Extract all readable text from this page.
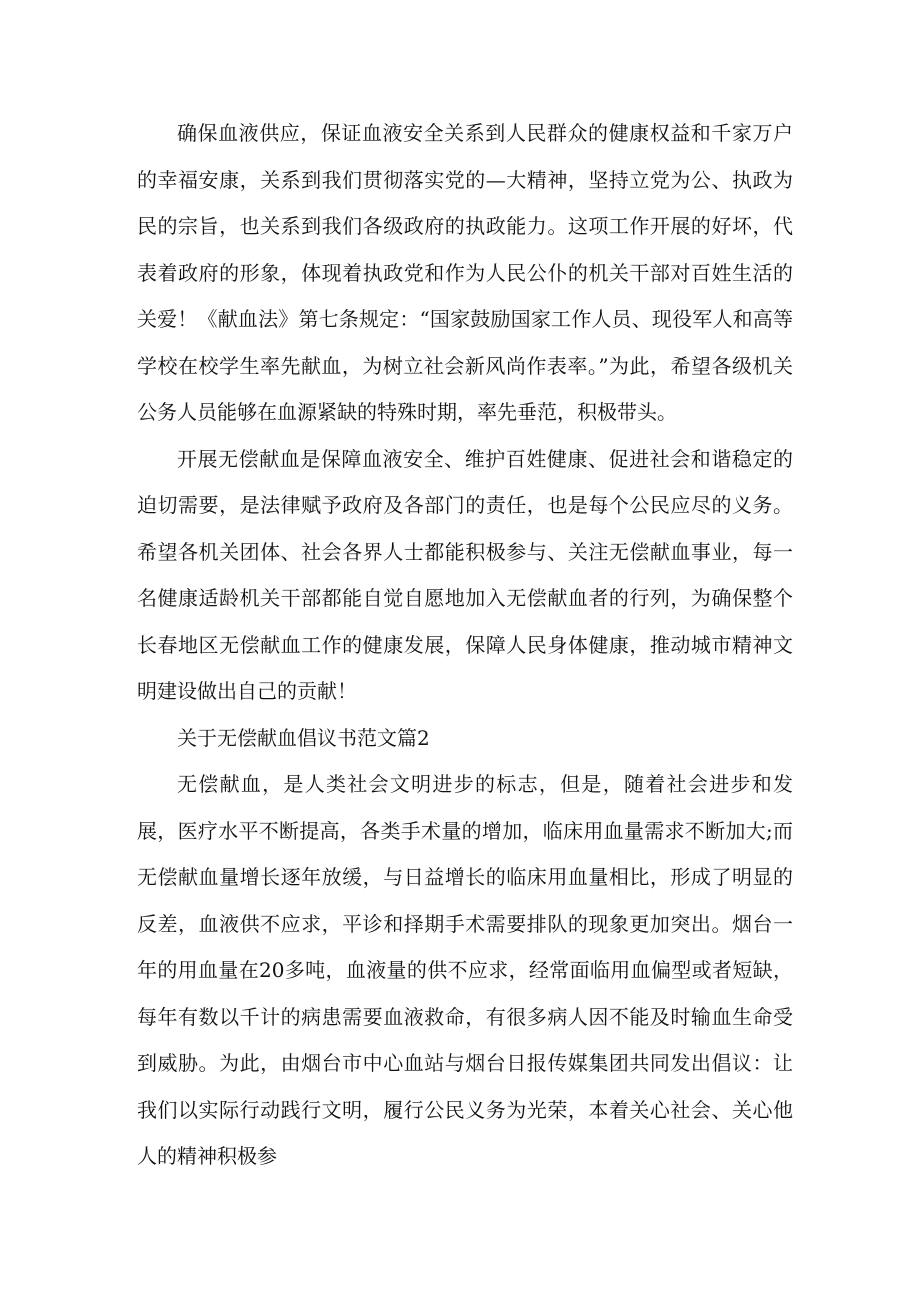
确保血液供应，保证血液安全关系到人民群众的健康权益和千家万户的幸福安康，关系到我们贯彻落实党的—大精神，坚持立党为公、执政为民的宗旨，也关系到我们各级政府的执政能力。这项工作开展的好坏，代表着政府的形象，体现着执政党和作为人民公仆的机关干部对百姓生活的关爱！《献血法》第七条规定：“国家鼓励国家工作人员、现役军人和高等学校在校学生率先献血，为树立社会新风尚作表率。”为此，希望各级机关公务人员能够在血源紧缺的特殊时期，率先垂范，积极带头。

开展无偿献血是保障血液安全、维护百姓健康、促进社会和谐稳定的迫切需要，是法律赋予政府及各部门的责任，也是每个公民应尽的义务。希望各机关团体、社会各界人士都能积极参与、关注无偿献血事业，每一名健康适龄机关干部都能自觉自愿地加入无偿献血者的行列，为确保整个长春地区无偿献血工作的健康发展，保障人民身体健康，推动城市精神文明建设做出自己的贡献！

关于无偿献血倡议书范文篇2

无偿献血，是人类社会文明进步的标志，但是，随着社会进步和发展，医疗水平不断提高，各类手术量的增加，临床用血量需求不断加大;而无偿献血量增长逐年放缓，与日益增长的临床用血量相比，形成了明显的反差，血液供不应求，平诊和择期手术需要排队的现象更加突出。烟台一年的用血量在20多吨，血液量的供不应求，经常面临用血偏型或者短缺，每年有数以千计的病患需要血液救命，有很多病人因不能及时输血生命受到威胁。为此，由烟台市中心血站与烟台日报传媒集团共同发出倡议：让我们以实际行动践行文明，履行公民义务为光荣，本着关心社会、关心他人的精神积极参
